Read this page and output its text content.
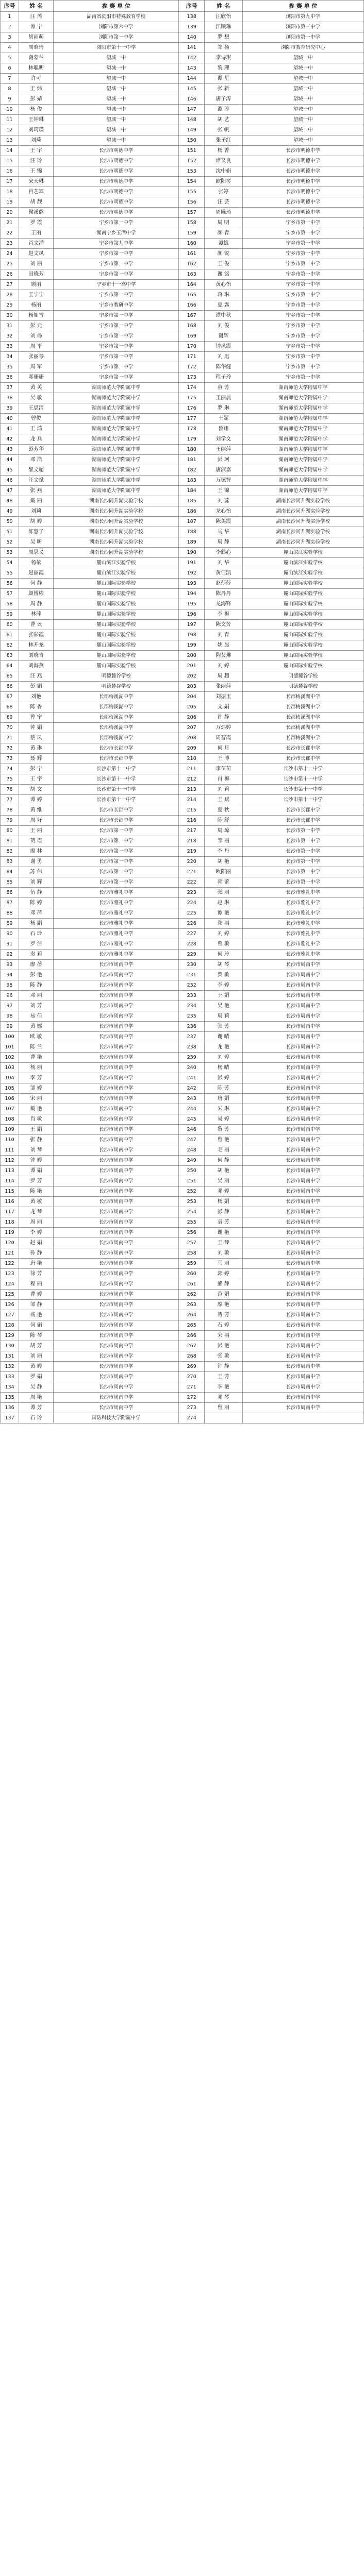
序号	姓 名	参 赛 单 位	序号	姓 名	参 赛 单 位
1	汪 芮	湖南省浏阳市特殊教育学校	138	汪欣怡	浏阳市第九中学
2	谭 宁	浏阳市第六中学	139	江顺琳	浏阳市第三中学
3	胡雨萌	浏阳市第一中学	140	罗 想	浏阳市第一中学
4	周晗琦	浏阳市第十一中学	141	邹 扬	浏阳市教育研究中心
5	谢蒙兰	望城一中	142	李诗琪	望城一中
6	林聪明	望城一中	143	黎 理	望城一中
7	许可	望城一中	144	谭 星	望城一中
8	王 炜	望城一中	145	张 新	望城一中
9	彭 婧	望城一中	146	唐子涛	望城一中
10	杨 俊	望城一中	147	谭 淳	望城一中
11	王钟琳	望城一中	148	胡 艺	望城一中
12	刘琦瑛	望城一中	149	张 帆	望城一中
13	刘琦	望城一中	150	张子红	望城一中
14	王 宇	长沙市明德中学	151	杨 菁	长沙市明德中学
15	汪 玲	长沙市明德中学	152	谭又良	长沙市明德中学
16	王 锦	长沙市明德中学	153	沈中娟	长沙市明德中学
17	宋天琳	长沙市明德中学	154	欧阳琴	长沙市明德中学
18	肖艺霖	长沙市明德中学	155	张婷	长沙市明德中学
19	胡 靓	长沙市明德中学	156	汪 芸	长沙市明德中学
20	侯溪璐	长沙市明德中学	157	周曦琦	长沙市明德中学
21	罗 霞	宁乡市第一中学	158	周 明	宁乡市第一中学
22	王丽	湖南宁乡玉潭中学	159	颜 青	宁乡市第一中学
23	肖文洋	宁乡市第九中学	160	谭雄	宁乡市第一中学
24	赵文凤	宁乡市第一中学	161	颜 锐	宁乡市第一中学
25	刘 丽	宁乡市第一中学	162	王 俊	宁乡市第一中学
26	田晓芳	宁乡市第一中学	163	谢 铭	宁乡市第一中学
27	顾丽	宁乡市十一高中学	164	黄心怡	宁乡市第一中学
28	王宁宁	宁乡市第一中学	165	蒋 琳	宁乡市第一中学
29	杨丽	宁乡市教研中学	166	夏 露	宁乡市第一中学
30	杨如雪	宁乡市第一中学	167	谭中秋	宁乡市第一中学
31	彭 元	宁乡市第一中学	168	刘 俊	宁乡市第一中学
32	刘 杨	宁乡市第一中学	169	谢辉	宁乡市第一中学
33	周 平	宁乡市第一中学	170	钟凤霞	宁乡市第一中学
34	张丽琴	宁乡市第一中学	171	刘 迅	宁乡市第一中学
35	周 军	宁乡市第一中学	172	陈华健	宁乡市第一中学
36	邓珊珊	宁乡市第一中学	173	程子玲	宁乡市第一中学
37	黄 英	湖南师范大学附属中学	174	童 芳	湖南师范大学附属中学
38	吴 敏	湖南师范大学附属中学	175	王丽晨	湖南师范大学附属中学
39	王思清	湖南师范大学附属中学	176	罗 琳	湖南师范大学附属中学
40	曾俊	湖南师范大学附属中学	177	王妮	湖南师范大学附属中学
41	王 鸿	湖南师范大学附属中学	178	鲁翔	湖南师范大学附属中学
42	龙 兵	湖南师范大学附属中学	179	刘学文	湖南师范大学附属中学
43	彭芳华	湖南师范大学附属中学	180	王丽萍	湖南师范大学附属中学
44	邓 浩	湖南师范大学附属中学	181	彭 珂	湖南师范大学附属中学
45	黎文超	湖南师范大学附属中学	182	唐淑嘉	湖南师范大学附属中学
46	汪文斌	湖南师范大学附属中学	183	万德智	湖南师范大学附属中学
47	张 燕	湖南师范大学附属中学	184	王 锦	湖南师范大学附属中学
48	戴 丽	湖南长沙同升湖实验学校	185	刘 蕊	湖南长沙同升湖实验学校
49	刘莉	湖南长沙同升湖实验学校	186	龙心怡	湖南长沙同升湖实验学校
50	胡 婷	湖南长沙同升湖实验学校	187	陈美霞	湖南长沙同升湖实验学校
51	陈慧子	湖南长沙同升湖实验学校	188	马 华	湖南长沙同升湖实验学校
52	吴 昕	湖南长沙同升湖实验学校	189	周 静	湖南长沙同升湖实验学校
53	周思义	湖南长沙同升湖实验学校	190	李鹤心	麓山滨江实验学校
54	杨依	麓山滨江实验学校	191	刘 华	麓山滨江实验学校
55	赵丽霞	麓山滨江实验学校	192	黄佳凯	麓山滨江实验学校
56	何 静	麓山国际实验学校	193	赵莎莎	麓山国际实验学校
57	颜博彬	麓山国际实验学校	194	陈丹丹	麓山国际实验学校
58	周 静	麓山国际实验学校	195	龙海锋	麓山国际实验学校
59	林萍	麓山国际实验学校	196	李 梅	麓山国际实验学校
60	曹 云	麓山国际实验学校	197	陈文芳	麓山国际实验学校
61	张彩霞	麓山国际实验学校	198	刘 青	麓山国际实验学校
62	林开龙	麓山国际实验学校	199	姚 晨	麓山国际实验学校
63	刘晓青	麓山国际实验学校	200	陶艾琳	麓山国际实验学校
64	刘海燕	麓山国际实验学校	201	刘 婷	麓山国际实验学校
65	汪 燕	明德麓谷学校	202	周 超	明德麓谷学校
66	彭 娟	明德麓谷学校	203	张丽萍	明德麓谷学校
67	刘艳	长郡梅溪湖中学	204	刘振玉	长郡梅溪湖中学
68	陈 香	长郡梅溪湖中学	205	文 娟	长郡梅溪湖中学
69	曾 宁	长郡梅溪湖中学	206	许 静	长郡梅溪湖中学
70	钟 娟	长郡梅溪湖中学	207	万炜婷	长郡梅溪湖中学
71	蔡 凤	长郡梅溪湖中学	208	周智霞	长郡梅溪湖中学
72	黄 琳	长沙市长郡中学	209	何 月	长沙市长郡中学
73	聂 辉	长沙市长郡中学	210	王 博	长沙市长郡中学
74	彭 宁	长沙市第十一中学	211	李苗苗	长沙市第十一中学
75	王 宇	长沙市第十一中学	212	肖 梅	长沙市第十一中学
76	胡 文	长沙市第十一中学	213	刘 莉	长沙市第十一中学
77	谭 婷	长沙市第十一中学	214	王 斌	长沙市第十一中学
78	黄 维	长沙市长郡中学	215	夏 秋	长沙市长郡中学
79	周 好	长沙市长郡中学	216	陈 舒	长沙市长郡中学
80	王 丽	长沙市第一中学	217	周 琼	长沙市第一中学
81	贺 霞	长沙市第一中学	218	邹 丽	长沙市第一中学
82	廖 林	长沙市第一中学	219	李 丹	长沙市第一中学
83	谢 勇	长沙市第一中学	220	胡 艳	长沙市第一中学
84	苏 伟	长沙市第一中学	221	欧阳丽	长沙市第一中学
85	刘 辉	长沙市第一中学	222	郭 蕾	长沙市第一中学
86	伍 静	长沙市雅礼中学	223	张 丽	长沙市雅礼中学
87	陈 婷	长沙市雅礼中学	224	赵 琳	长沙市雅礼中学
88	邓 萍	长沙市雅礼中学	225	谭 艳	长沙市雅礼中学
89	杨 娟	长沙市雅礼中学	226	郑 丽	长沙市雅礼中学
90	石 玲	长沙市雅礼中学	227	刘 婷	长沙市雅礼中学
91	罗 洁	长沙市雅礼中学	228	曾 敏	长沙市雅礼中学
92	袁 莉	长沙市雅礼中学	229	何 玲	长沙市雅礼中学
93	廖 蓓	长沙市周南中学	230	胡 琴	长沙市周南中学
94	彭 艳	长沙市周南中学	231	罗 敏	长沙市周南中学
95	陈 静	长沙市周南中学	232	李 婷	长沙市周南中学
96	邓 丽	长沙市周南中学	233	王 娟	长沙市周南中学
97	刘 芳	长沙市周南中学	234	吴 艳	长沙市周南中学
98	易 佳	长沙市周南中学	235	周 莉	长沙市周南中学
99	黄 娜	长沙市周南中学	236	张 芳	长沙市周南中学
100	欧 敏	长沙市周南中学	237	谢 晴	长沙市周南中学
101	陈 兰	长沙市周南中学	238	龙 艳	长沙市周南中学
102	曹 艳	长沙市周南中学	239	刘 婷	长沙市周南中学
103	杨 丽	长沙市周南中学	240	杨 晴	长沙市周南中学
104	李 芳	长沙市周南中学	241	彭 婷	长沙市周南中学
105	邹 婷	长沙市周南中学	242	陈 芳	长沙市周南中学
106	宋 丽	长沙市周南中学	243	唐 娟	长沙市周南中学
107	戴 艳	长沙市周南中学	244	朱 琳	长沙市周南中学
108	肖 敏	长沙市周南中学	245	易 婷	长沙市周南中学
109	王 娟	长沙市周南中学	246	黎 芳	长沙市周南中学
110	张 静	长沙市周南中学	247	曾 艳	长沙市周南中学
111	刘 琴	长沙市周南中学	248	毛 丽	长沙市周南中学
112	钟 婷	长沙市周南中学	249	何 静	长沙市周南中学
113	谭 娟	长沙市周南中学	250	胡 艳	长沙市周南中学
114	罗 芳	长沙市周南中学	251	吴 丽	长沙市周南中学
115	陈 艳	长沙市周南中学	252	邓 婷	长沙市周南中学
116	黄 敏	长沙市周南中学	253	杨 娟	长沙市周南中学
117	龙 琴	长沙市周南中学	254	彭 静	长沙市周南中学
118	周 丽	长沙市周南中学	255	袁 芳	长沙市周南中学
119	李 婷	长沙市周南中学	256	谢 艳	长沙市周南中学
120	赵 娟	长沙市周南中学	257	王 琴	长沙市周南中学
121	孙 静	长沙市周南中学	258	刘 敏	长沙市周南中学
122	唐 艳	长沙市周南中学	259	马 丽	长沙市周南中学
123	徐 芳	长沙市周南中学	260	郭 婷	长沙市周南中学
124	程 丽	长沙市周南中学	261	熊 静	长沙市周南中学
125	曹 婷	长沙市周南中学	262	范 娟	长沙市周南中学
126	邹 静	长沙市周南中学	263	廖 艳	长沙市周南中学
127	杨 艳	长沙市周南中学	264	贺 芳	长沙市周南中学
128	何 娟	长沙市周南中学	265	石 婷	长沙市周南中学
129	陈 琴	长沙市周南中学	266	宋 丽	长沙市周南中学
130	胡 芳	长沙市周南中学	267	彭 艳	长沙市周南中学
131	刘 丽	长沙市周南中学	268	张 敏	长沙市周南中学
132	黄 婷	长沙市周南中学	269	钟 静	长沙市周南中学
133	罗 娟	长沙市周南中学	270	王 芳	长沙市周南中学
134	吴 静	长沙市周南中学	271	李 艳	长沙市周南中学
135	周 艳	长沙市周南中学	272	邓 琴	长沙市周南中学
136	谭 芳	长沙市周南中学	273	曾 丽	长沙市周南中学
137	石 玲	国防科技大学附属中学	274		
